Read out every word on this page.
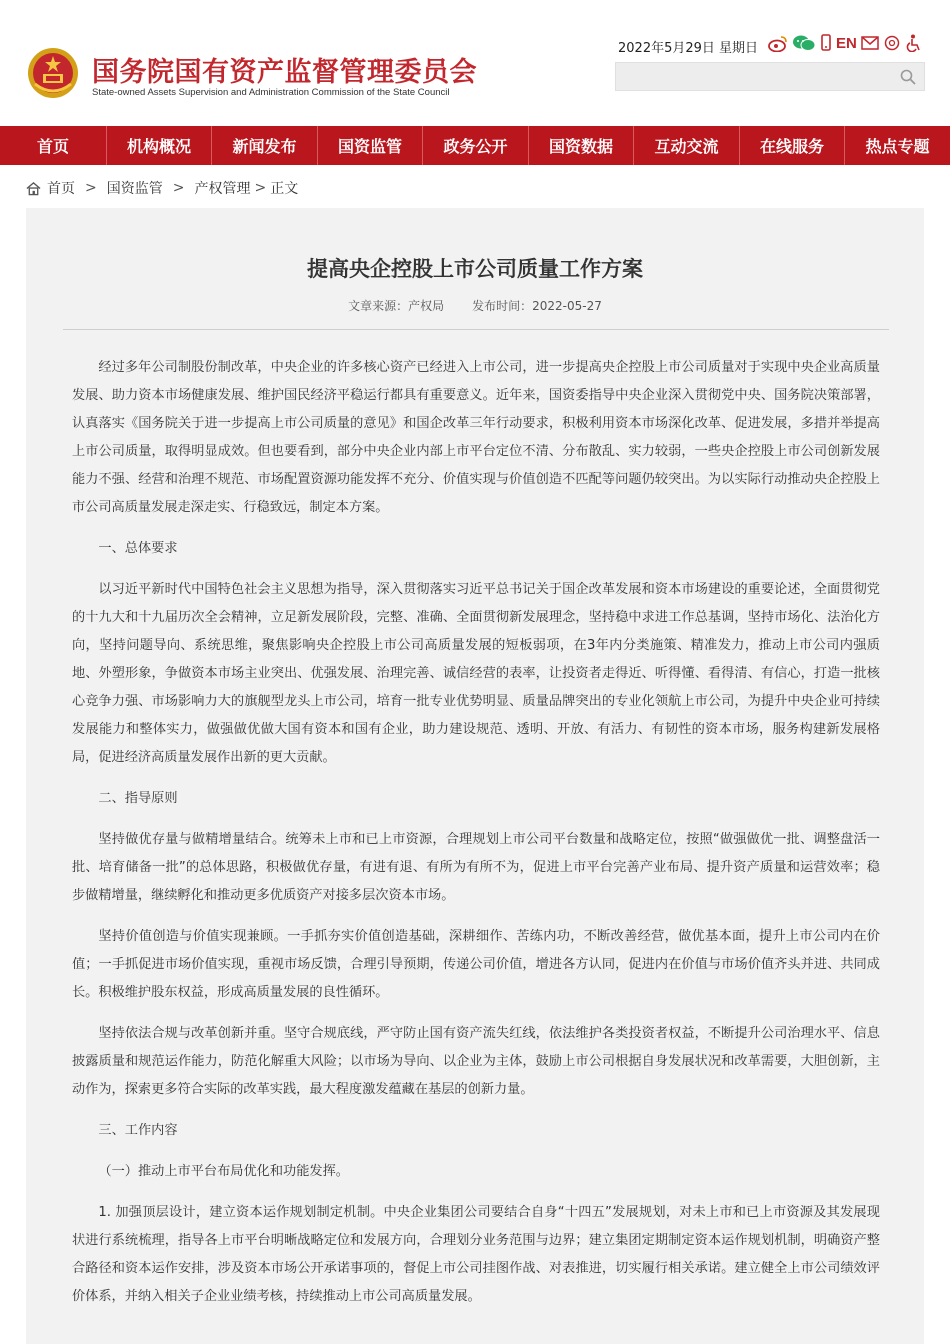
国务院国有资产监督管理委员会
State-owned Assets Supervision and Administration Commission of the State Council
2022年5月29日 星期日	EN
首页	机构概况	新闻发布	国资监管	政务公开	国资数据	互动交流	在线服务	热点专题
首页 > 国资监管 > 产权管理 > 正文
提高央企控股上市公司质量工作方案
文章来源：产权局 发布时间：2022-05-27

经过多年公司制股份制改革，中央企业的许多核心资产已经进入上市公司，进一步提高央企控股上市公司质量对于实现中央企业高质量发展、助力资本市场健康发展、维护国民经济平稳运行都具有重要意义。近年来，国资委指导中央企业深入贯彻党中央、国务院决策部署，认真落实《国务院关于进一步提高上市公司质量的意见》和国企改革三年行动要求，积极利用资本市场深化改革、促进发展，多措并举提高上市公司质量，取得明显成效。但也要看到，部分中央企业内部上市平台定位不清、分布散乱、实力较弱，一些央企控股上市公司创新发展能力不强、经营和治理不规范、市场配置资源功能发挥不充分、价值实现与价值创造不匹配等问题仍较突出。为以实际行动推动央企控股上市公司高质量发展走深走实、行稳致远，制定本方案。

一、总体要求

以习近平新时代中国特色社会主义思想为指导，深入贯彻落实习近平总书记关于国企改革发展和资本市场建设的重要论述，全面贯彻党的十九大和十九届历次全会精神，立足新发展阶段，完整、准确、全面贯彻新发展理念，坚持稳中求进工作总基调，坚持市场化、法治化方向，坚持问题导向、系统思维，聚焦影响央企控股上市公司高质量发展的短板弱项，在3年内分类施策、精准发力，推动上市公司内强质地、外塑形象，争做资本市场主业突出、优强发展、治理完善、诚信经营的表率，让投资者走得近、听得懂、看得清、有信心，打造一批核心竞争力强、市场影响力大的旗舰型龙头上市公司，培育一批专业优势明显、质量品牌突出的专业化领航上市公司，为提升中央企业可持续发展能力和整体实力，做强做优做大国有资本和国有企业，助力建设规范、透明、开放、有活力、有韧性的资本市场，服务构建新发展格局，促进经济高质量发展作出新的更大贡献。

二、指导原则

坚持做优存量与做精增量结合。统筹未上市和已上市资源，合理规划上市公司平台数量和战略定位，按照“做强做优一批、调整盘活一批、培育储备一批”的总体思路，积极做优存量，有进有退、有所为有所不为，促进上市平台完善产业布局、提升资产质量和运营效率；稳步做精增量，继续孵化和推动更多优质资产对接多层次资本市场。

坚持价值创造与价值实现兼顾。一手抓夯实价值创造基础，深耕细作、苦练内功，不断改善经营，做优基本面，提升上市公司内在价值；一手抓促进市场价值实现，重视市场反馈，合理引导预期，传递公司价值，增进各方认同，促进内在价值与市场价值齐头并进、共同成长。积极维护股东权益，形成高质量发展的良性循环。

坚持依法合规与改革创新并重。坚守合规底线，严守防止国有资产流失红线，依法维护各类投资者权益，不断提升公司治理水平、信息披露质量和规范运作能力，防范化解重大风险；以市场为导向、以企业为主体，鼓励上市公司根据自身发展状况和改革需要，大胆创新，主动作为，探索更多符合实际的改革实践，最大程度激发蕴藏在基层的创新力量。

三、工作内容

（一）推动上市平台布局优化和功能发挥。

1. 加强顶层设计，建立资本运作规划制定机制。中央企业集团公司要结合自身“十四五”发展规划，对未上市和已上市资源及其发展现状进行系统梳理，指导各上市平台明晰战略定位和发展方向，合理划分业务范围与边界；建立集团定期制定资本运作规划机制，明确资产整合路径和资本运作安排，涉及资本市场公开承诺事项的，督促上市公司挂图作战、对表推进，切实履行相关承诺。建立健全上市公司绩效评价体系，并纳入相关子企业业绩考核，持续推动上市公司高质量发展。
